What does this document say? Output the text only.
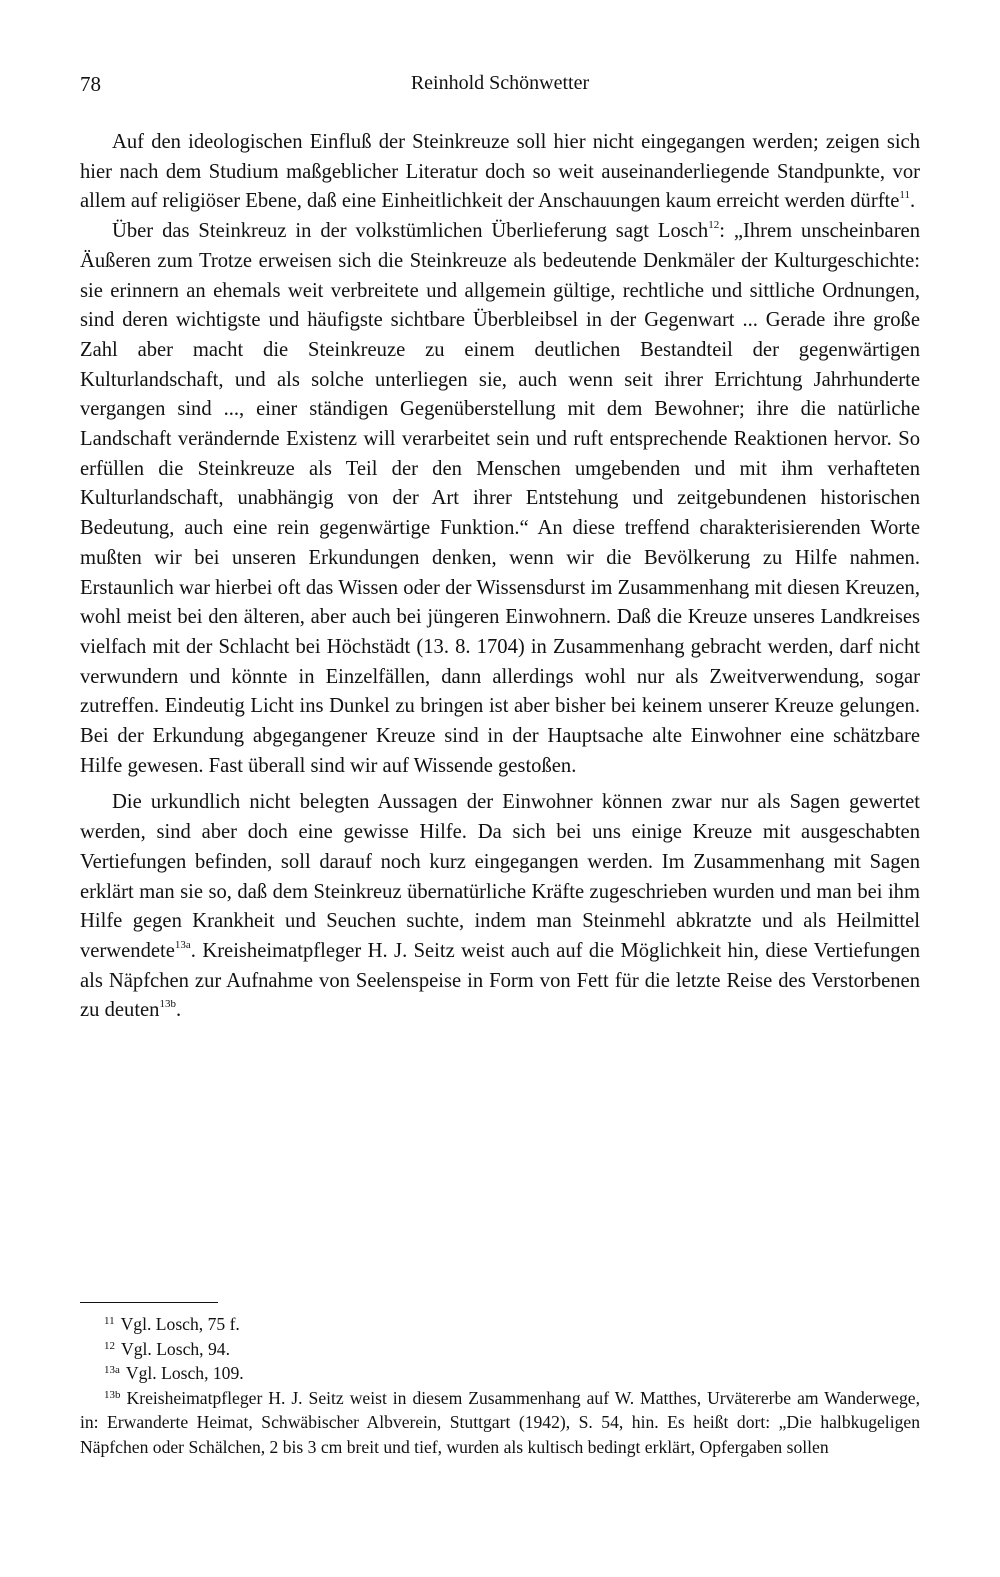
78	Reinhold Schönwetter

Auf den ideologischen Einfluß der Steinkreuze soll hier nicht eingegangen werden; zeigen sich hier nach dem Studium maßgeblicher Literatur doch so weit auseinanderliegende Standpunkte, vor allem auf religiöser Ebene, daß eine Einheitlichkeit der Anschauungen kaum erreicht werden dürfte$^{11}$.

Über das Steinkreuz in der volkstümlichen Überlieferung sagt Losch$^{12}$: „Ihrem unscheinbaren Äußeren zum Trotze erweisen sich die Steinkreuze als bedeutende Denkmäler der Kulturgeschichte: sie erinnern an ehemals weit verbreitete und allgemein gültige, rechtliche und sittliche Ordnungen, sind deren wichtigste und häufigste sichtbare Überbleibsel in der Gegenwart ... Gerade ihre große Zahl aber macht die Steinkreuze zu einem deutlichen Bestandteil der gegenwärtigen Kulturlandschaft, und als solche unterliegen sie, auch wenn seit ihrer Errichtung Jahrhunderte vergangen sind ..., einer ständigen Gegenüberstellung mit dem Bewohner; ihre die natürliche Landschaft verändernde Existenz will verarbeitet sein und ruft entsprechende Reaktionen hervor. So erfüllen die Steinkreuze als Teil der den Menschen umgebenden und mit ihm verhafteten Kulturlandschaft, unabhängig von der Art ihrer Entstehung und zeitgebundenen historischen Bedeutung, auch eine rein gegenwärtige Funktion.“ An diese treffend charakterisierenden Worte mußten wir bei unseren Erkundungen denken, wenn wir die Bevölkerung zu Hilfe nahmen. Erstaunlich war hierbei oft das Wissen oder der Wissensdurst im Zusammenhang mit diesen Kreuzen, wohl meist bei den älteren, aber auch bei jüngeren Einwohnern. Daß die Kreuze unseres Landkreises vielfach mit der Schlacht bei Höchstädt (13. 8. 1704) in Zusammenhang gebracht werden, darf nicht verwundern und könnte in Einzelfällen, dann allerdings wohl nur als Zweitverwendung, sogar zutreffen. Eindeutig Licht ins Dunkel zu bringen ist aber bisher bei keinem unserer Kreuze gelungen. Bei der Erkundung abgegangener Kreuze sind in der Hauptsache alte Einwohner eine schätzbare Hilfe gewesen. Fast überall sind wir auf Wissende gestoßen.

Die urkundlich nicht belegten Aussagen der Einwohner können zwar nur als Sagen gewertet werden, sind aber doch eine gewisse Hilfe. Da sich bei uns einige Kreuze mit ausgeschabten Vertiefungen befinden, soll darauf noch kurz eingegangen werden. Im Zusammenhang mit Sagen erklärt man sie so, daß dem Steinkreuz übernatürliche Kräfte zugeschrieben wurden und man bei ihm Hilfe gegen Krankheit und Seuchen suchte, indem man Steinmehl abkratzte und als Heilmittel verwendete$^{13a}$. Kreisheimatpfleger H. J. Seitz weist auch auf die Möglichkeit hin, diese Vertiefungen als Näpfchen zur Aufnahme von Seelenspeise in Form von Fett für die letzte Reise des Verstorbenen zu deuten$^{13b}$.

$^{11}$ Vgl. Losch, 75 f.

$^{12}$ Vgl. Losch, 94.

$^{13a}$ Vgl. Losch, 109.

$^{13b}$ Kreisheimatpfleger H. J. Seitz weist in diesem Zusammenhang auf W. Matthes, Urvätererbe am Wanderwege, in: Erwanderte Heimat, Schwäbischer Albverein, Stuttgart (1942), S. 54, hin. Es heißt dort: „Die halbkugeligen Näpfchen oder Schälchen, 2 bis 3 cm breit und tief, wurden als kultisch bedingt erklärt, Opfergaben sollen
